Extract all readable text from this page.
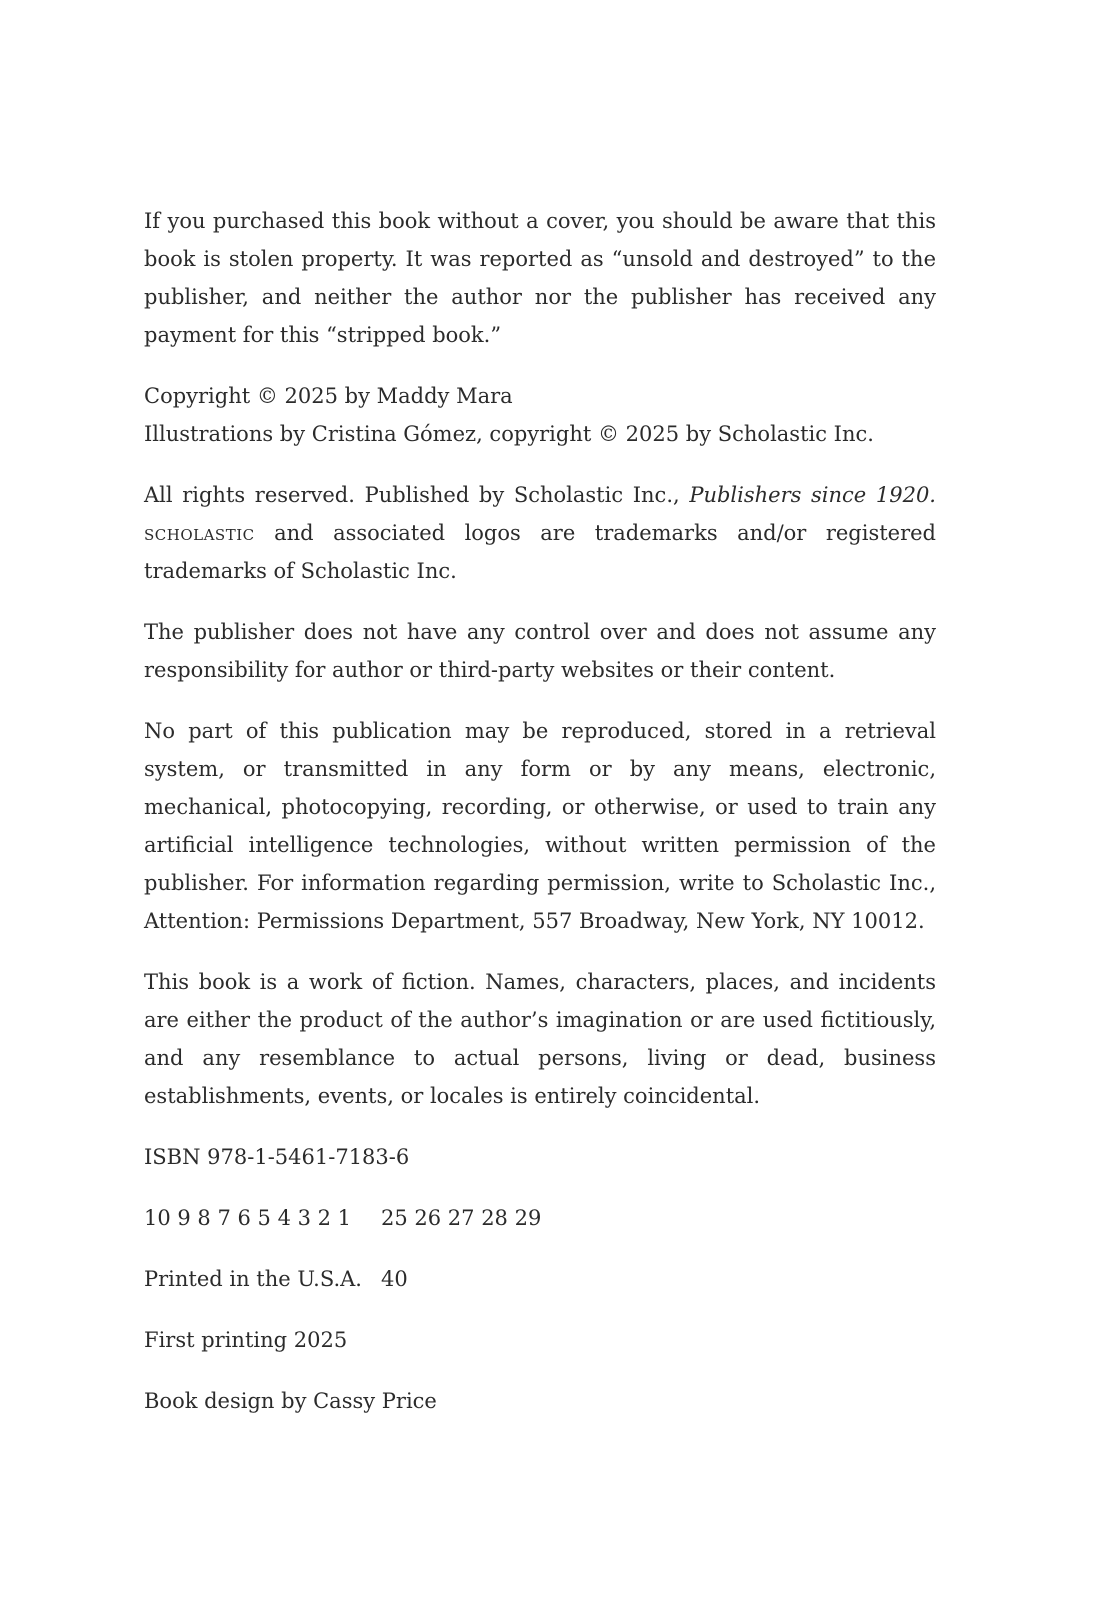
If you purchased this book without a cover, you should be aware that this book is stolen property. It was reported as “unsold and destroyed” to the publisher, and neither the author nor the publisher has received any payment for this “stripped book.”

Copyright © 2025 by Maddy Mara
Illustrations by Cristina Gómez, copyright © 2025 by Scholastic Inc.

All rights reserved. Published by Scholastic Inc., Publishers since 1920. scholastic and associated logos are trademarks and/or registered trademarks of Scholastic Inc.

The publisher does not have any control over and does not assume any responsibility for author or third-party websites or their content.

No part of this publication may be reproduced, stored in a retrieval system, or transmitted in any form or by any means, electronic, mechanical, photocopying, recording, or otherwise, or used to train any artificial intelligence technologies, without written permission of the publisher. For information regarding permission, write to Scholastic Inc., Attention: Permissions Department, 557 Broadway, New York, NY 10012.

This book is a work of fiction. Names, characters, places, and incidents are either the product of the author’s imagination or are used fictitiously, and any resemblance to actual persons, living or dead, business establishments, events, or locales is entirely coincidental.

ISBN 978-1-5461-7183-6

10 9 8 7 6 5 4 3 2 1	25 26 27 28 29
Printed in the U.S.A. 40

First printing 2025

Book design by Cassy Price
